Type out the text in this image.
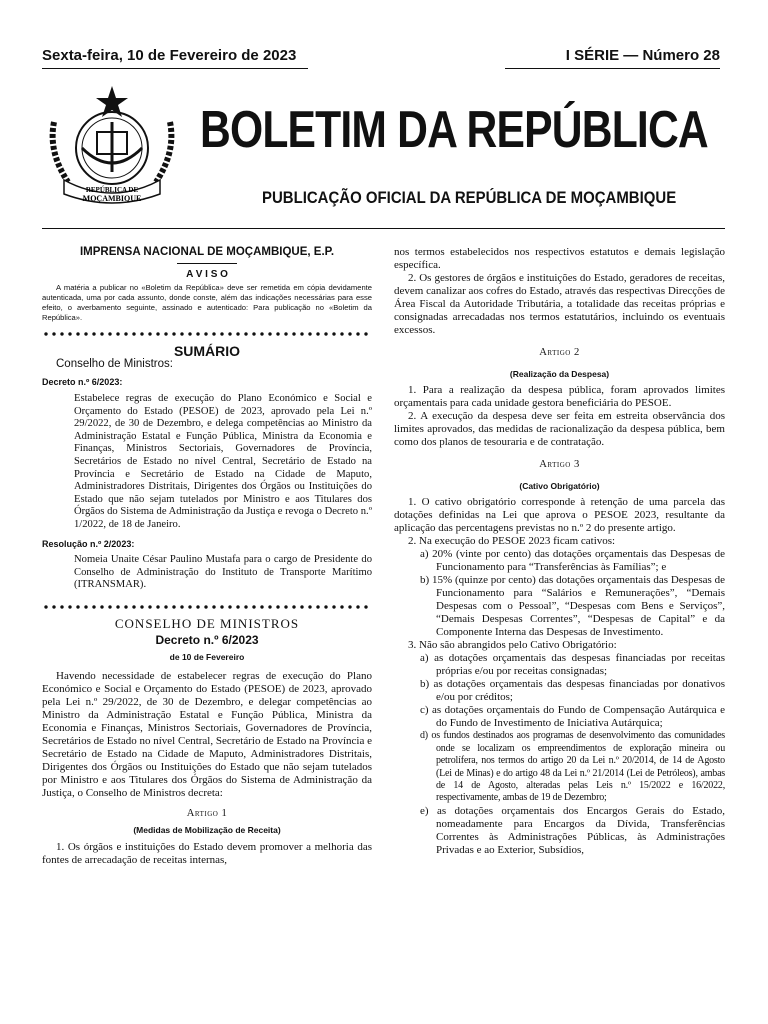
Sexta-feira, 10 de Fevereiro de 2023	I SÉRIE — Número 28
REPÚBLICA DE
MOÇAMBIQUE
BOLETIM DA REPÚBLICA
PUBLICAÇÃO OFICIAL DA REPÚBLICA DE MOÇAMBIQUE
IMPRENSA NACIONAL DE MOÇAMBIQUE, E.P.
A V I S O
A matéria a publicar no «Boletim da República» deve ser remetida em cópia devidamente autenticada, uma por cada assunto, donde conste, além das indicações necessárias para esse efeito, o averbamento seguinte, assinado e autenticado: Para publicação no «Boletim da República».
SUMÁRIO
Conselho de Ministros:
Decreto n.º 6/2023:

Estabelece regras de execução do Plano Económico e Social e Orçamento do Estado (PESOE) de 2023, aprovado pela Lei n.º 29/2022, de 30 de Dezembro, e delega competências ao Ministro da Administração Estatal e Função Pública, Ministra da Economia e Finanças, Ministros Sectoriais, Governadores de Província, Secretários de Estado no nível Central, Secretário de Estado na Província e Secretário de Estado na Cidade de Maputo, Administradores Distritais, Dirigentes dos Órgãos ou Instituições do Estado que não sejam tutelados por Ministro e aos Titulares dos Órgãos do Sistema de Administração da Justiça e revoga o Decreto n.º 1/2022, de 18 de Janeiro.

Resolução n.º 2/2023:

Nomeia Unaite César Paulino Mustafa para o cargo de Presidente do Conselho de Administração do Instituto de Transporte Marítimo (ITRANSMAR).

CONSELHO DE MINISTROS
Decreto n.º 6/2023
de 10 de Fevereiro

Havendo necessidade de estabelecer regras de execução do Plano Económico e Social e Orçamento do Estado (PESOE) de 2023, aprovado pela Lei n.º 29/2022, de 30 de Dezembro, e delegar competências ao Ministro da Administração Estatal e Função Pública, Ministra da Economia e Finanças, Ministros Sectoriais, Governadores de Província, Secretários de Estado no nível Central, Secretário de Estado na Província e Secretário de Estado na Cidade de Maputo, Administradores Distritais, Dirigentes dos Órgãos ou Instituições do Estado que não sejam tutelados por Ministro e aos Titulares dos Órgãos do Sistema de Administração da Justiça, o Conselho de Ministros decreta:

Artigo 1
(Medidas de Mobilização de Receita)

1. Os órgãos e instituições do Estado devem promover a melhoria das fontes de arrecadação de receitas internas,

nos termos estabelecidos nos respectivos estatutos e demais legislação específica.

2. Os gestores de órgãos e instituições do Estado, geradores de receitas, devem canalizar aos cofres do Estado, através das respectivas Direcções de Área Fiscal da Autoridade Tributária, a totalidade das receitas próprias e consignadas arrecadadas nos termos estatutários, incluindo os eventuais excessos.

Artigo 2
(Realização da Despesa)

1. Para a realização da despesa pública, foram aprovados limites orçamentais para cada unidade gestora beneficiária do PESOE.

2. A execução da despesa deve ser feita em estreita observância dos limites aprovados, das medidas de racionalização da despesa pública, bem como dos planos de tesouraria e de contratação.

Artigo 3
(Cativo Obrigatório)

1. O cativo obrigatório corresponde à retenção de uma parcela das dotações definidas na Lei que aprova o PESOE 2023, resultante da aplicação das percentagens previstas no n.º 2 do presente artigo.

2. Na execução do PESOE 2023 ficam cativos:

a) 20% (vinte por cento) das dotações orçamentais das Despesas de Funcionamento para “Transferências às Famílias”; e

b) 15% (quinze por cento) das dotações orçamentais das Despesas de Funcionamento para “Salários e Remunerações”, “Demais Despesas com o Pessoal”, “Despesas com Bens e Serviços”, “Demais Despesas Correntes”, “Despesas de Capital” e da Componente Interna das Despesas de Investimento.

3. Não são abrangidos pelo Cativo Obrigatório:

a) as dotações orçamentais das despesas financiadas por receitas próprias e/ou por receitas consignadas;

b) as dotações orçamentais das despesas financiadas por donativos e/ou por créditos;

c) as dotações orçamentais do Fundo de Compensação Autárquica e do Fundo de Investimento de Iniciativa Autárquica;

d) os fundos destinados aos programas de desenvolvimento das comunidades onde se localizam os empreendimentos de exploração mineira ou petrolífera, nos termos do artigo 20 da Lei n.º 20/2014, de 14 de Agosto (Lei de Minas) e do artigo 48 da Lei n.º 21/2014 (Lei de Petróleos), ambas de 14 de Agosto, alteradas pelas Leis n.º 15/2022 e 16/2022, respectivamente, ambas de 19 de Dezembro;

e) as dotações orçamentais dos Encargos Gerais do Estado, nomeadamente para Encargos da Dívida, Transferências Correntes às Administrações Públicas, às Administrações Privadas e ao Exterior, Subsídios,
